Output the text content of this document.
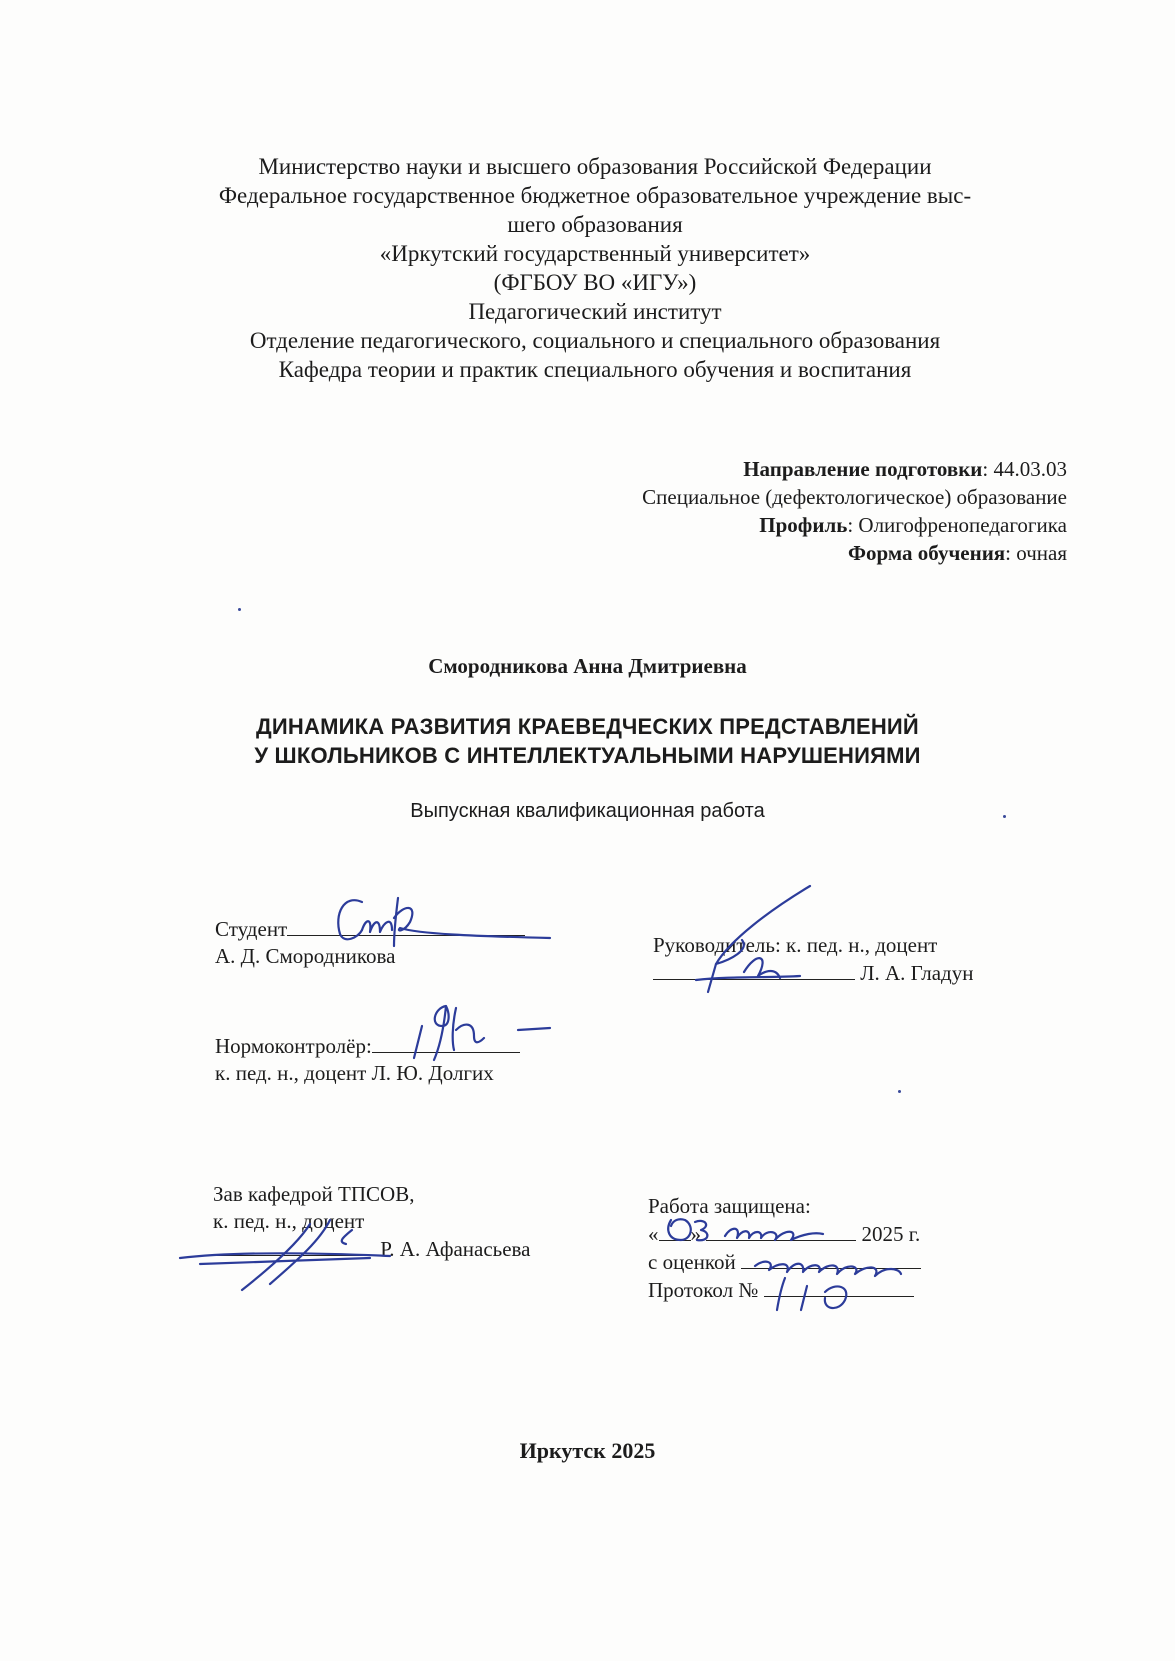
Министерство науки и высшего образования Российской Федерации
Федеральное государственное бюджетное образовательное учреждение выс-
шего образования
«Иркутский государственный университет»
(ФГБОУ ВО «ИГУ»)
Педагогический институт
Отделение педагогического, социального и специального образования
Кафедра теории и практик специального обучения и воспитания
Направление подготовки: 44.03.03
Специальное (дефектологическое) образование
Профиль: Олигофренопедагогика
Форма обучения: очная
Смородникова Анна Дмитриевна
ДИНАМИКА РАЗВИТИЯ КРАЕВЕДЧЕСКИХ ПРЕДСТАВЛЕНИЙ
У ШКОЛЬНИКОВ С ИНТЕЛЛЕКТУАЛЬНЫМИ НАРУШЕНИЯМИ
Выпускная квалификационная работа
Студент
А. Д. Смородникова	Руководитель: к. пед. н., доцент
Л. А. Гладун
Нормоконтролёр:
к. пед. н., доцент Л. Ю. Долгих
Зав кафедрой ТПСОВ,
к. пед. н., доцент
Р. А. Афанасьева
Работа защищена:
« »	2025 г.
с оценкой
Протокол №
Иркутск 2025
